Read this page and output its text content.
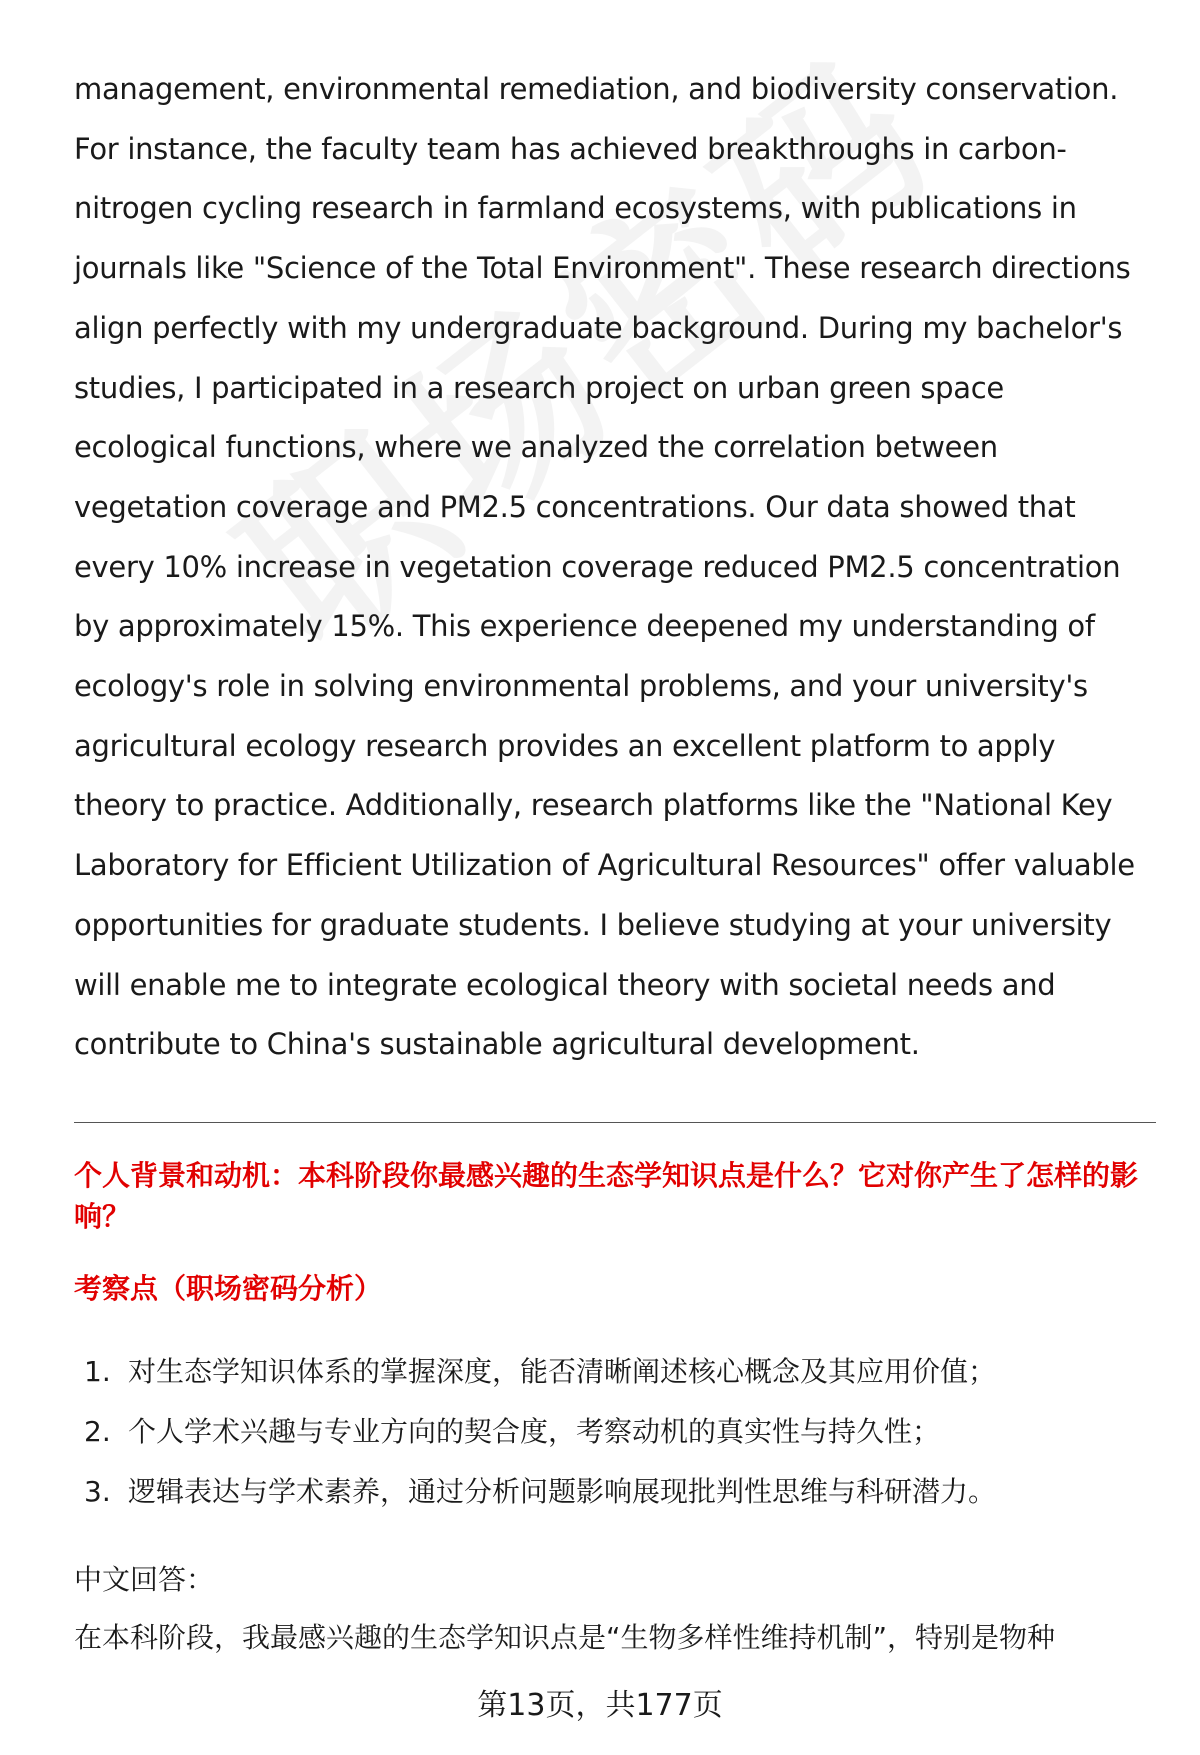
management, environmental remediation, and biodiversity conservation. For instance, the faculty team has achieved breakthroughs in carbon-nitrogen cycling research in farmland ecosystems, with publications in journals like "Science of the Total Environment". These research directions align perfectly with my undergraduate background. During my bachelor's studies, I participated in a research project on urban green space ecological functions, where we analyzed the correlation between vegetation coverage and PM2.5 concentrations. Our data showed that every 10% increase in vegetation coverage reduced PM2.5 concentration by approximately 15%. This experience deepened my understanding of ecology's role in solving environmental problems, and your university's agricultural ecology research provides an excellent platform to apply theory to practice. Additionally, research platforms like the "National Key Laboratory for Efficient Utilization of Agricultural Resources" offer valuable opportunities for graduate students. I believe studying at your university will enable me to integrate ecological theory with societal needs and contribute to China's sustainable agricultural development.

个人背景和动机：本科阶段你最感兴趣的生态学知识点是什么？它对你产生了怎样的影响？

考察点（职场密码分析）

1. 对生态学知识体系的掌握深度，能否清晰阐述核心概念及其应用价值；
2. 个人学术兴趣与专业方向的契合度，考察动机的真实性与持久性；
3. 逻辑表达与学术素养，通过分析问题影响展现批判性思维与科研潜力。

中文回答：

在本科阶段，我最感兴趣的生态学知识点是“生物多样性维持机制”，特别是物种

第13页，共177页
